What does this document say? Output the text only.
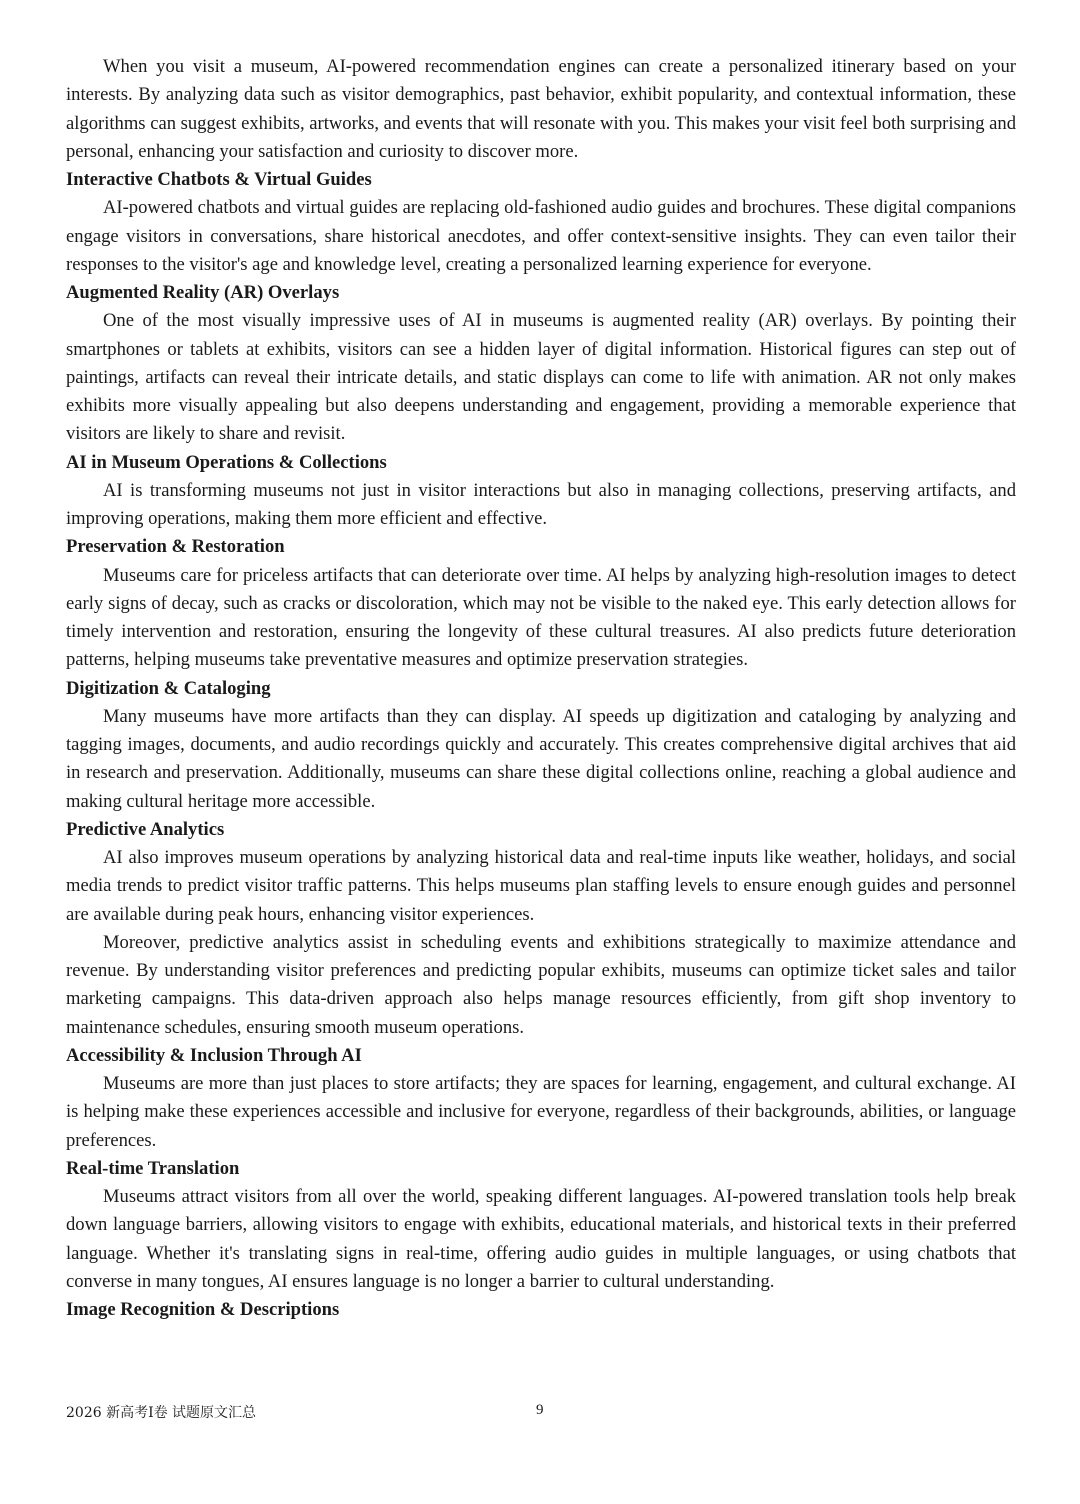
When you visit a museum, AI-powered recommendation engines can create a personalized itinerary based on your interests. By analyzing data such as visitor demographics, past behavior, exhibit popularity, and contextual information, these algorithms can suggest exhibits, artworks, and events that will resonate with you. This makes your visit feel both surprising and personal, enhancing your satisfaction and curiosity to discover more.

Interactive Chatbots & Virtual Guides

AI-powered chatbots and virtual guides are replacing old-fashioned audio guides and brochures. These digital companions engage visitors in conversations, share historical anecdotes, and offer context-sensitive insights. They can even tailor their responses to the visitor's age and knowledge level, creating a personalized learning experience for everyone.

Augmented Reality (AR) Overlays

One of the most visually impressive uses of AI in museums is augmented reality (AR) overlays. By pointing their smartphones or tablets at exhibits, visitors can see a hidden layer of digital information. Historical figures can step out of paintings, artifacts can reveal their intricate details, and static displays can come to life with animation. AR not only makes exhibits more visually appealing but also deepens understanding and engagement, providing a memorable experience that visitors are likely to share and revisit.

AI in Museum Operations & Collections

AI is transforming museums not just in visitor interactions but also in managing collections, preserving artifacts, and improving operations, making them more efficient and effective.

Preservation & Restoration

Museums care for priceless artifacts that can deteriorate over time. AI helps by analyzing high-resolution images to detect early signs of decay, such as cracks or discoloration, which may not be visible to the naked eye. This early detection allows for timely intervention and restoration, ensuring the longevity of these cultural treasures. AI also predicts future deterioration patterns, helping museums take preventative measures and optimize preservation strategies.

Digitization & Cataloging

Many museums have more artifacts than they can display. AI speeds up digitization and cataloging by analyzing and tagging images, documents, and audio recordings quickly and accurately. This creates comprehensive digital archives that aid in research and preservation. Additionally, museums can share these digital collections online, reaching a global audience and making cultural heritage more accessible.

Predictive Analytics

AI also improves museum operations by analyzing historical data and real-time inputs like weather, holidays, and social media trends to predict visitor traffic patterns. This helps museums plan staffing levels to ensure enough guides and personnel are available during peak hours, enhancing visitor experiences.

Moreover, predictive analytics assist in scheduling events and exhibitions strategically to maximize attendance and revenue. By understanding visitor preferences and predicting popular exhibits, museums can optimize ticket sales and tailor marketing campaigns. This data-driven approach also helps manage resources efficiently, from gift shop inventory to maintenance schedules, ensuring smooth museum operations.

Accessibility & Inclusion Through AI

Museums are more than just places to store artifacts; they are spaces for learning, engagement, and cultural exchange. AI is helping make these experiences accessible and inclusive for everyone, regardless of their backgrounds, abilities, or language preferences.

Real-time Translation

Museums attract visitors from all over the world, speaking different languages. AI-powered translation tools help break down language barriers, allowing visitors to engage with exhibits, educational materials, and historical texts in their preferred language. Whether it's translating signs in real-time, offering audio guides in multiple languages, or using chatbots that converse in many tongues, AI ensures language is no longer a barrier to cultural understanding.

Image Recognition & Descriptions

2026 新高考I卷 试题原文汇总	9
